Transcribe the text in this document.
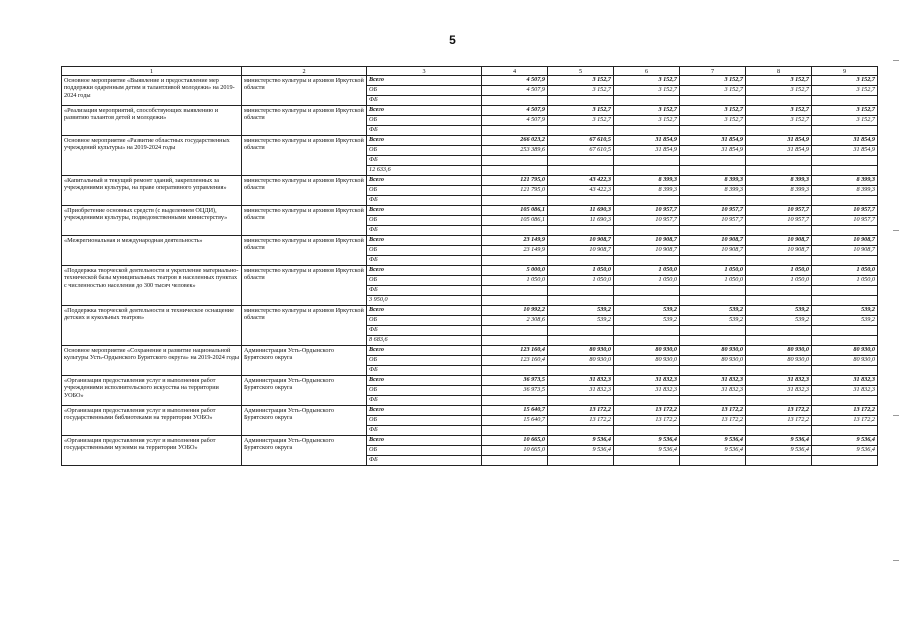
5
1	2	3	4	5	6	7	8	9
Основное мероприятие «Выявление и предоставление мер поддержки одаренным детям и талантливой молодежи» на 2019-2024 годы	министерство культуры и архивов Иркутской области	Всего	4 507,9	3 152,7	3 152,7	3 152,7	3 152,7	3 152,7
		ОБ	4 507,9	3 152,7	3 152,7	3 152,7	3 152,7	3 152,7
		ФБ						
«Реализация мероприятий, способствующих выявлению и развитию талантов детей и молодежи»	министерство культуры и архивов Иркутской области	Всего	4 507,9	3 152,7	3 152,7	3 152,7	3 152,7	3 152,7
		ОБ	4 507,9	3 152,7	3 152,7	3 152,7	3 152,7	3 152,7
		ФБ						
Основное мероприятие «Развитие областных государственных учреждений культуры» на 2019-2024 годы	министерство культуры и архивов Иркутской области	Всего	266 023,2	67 610,5	31 854,9	31 854,9	31 854,9	31 854,9
		ОБ	253 389,6	67 610,5	31 854,9	31 854,9	31 854,9	31 854,9
		ФБ						
		12 633,6						
«Капитальный и текущий ремонт зданий, закрепленных за учреждениями культуры, на праве оперативного управления»	министерство культуры и архивов Иркутской области	Всего	121 795,0	43 422,3	8 399,3	8 399,3	8 399,3	8 399,3
		ОБ	121 795,0	43 422,3	8 399,3	8 399,3	8 399,3	8 399,3
		ФБ						
«Приобретение основных средств (с выделением ОЦДИ), учреждениями культуры, подведомственными министерству»	министерство культуры и архивов Иркутской области	Всего	105 086,1	11 690,3	10 957,7	10 957,7	10 957,7	10 957,7
		ОБ	105 086,1	11 690,3	10 957,7	10 957,7	10 957,7	10 957,7
		ФБ						
«Межрегиональная и международная деятельность»	министерство культуры и архивов Иркутской области	Всего	23 149,9	10 908,7	10 908,7	10 908,7	10 908,7	10 908,7
		ОБ	23 149,9	10 908,7	10 908,7	10 908,7	10 908,7	10 908,7
		ФБ						
«Поддержка творческой деятельности и укрепление материально-технической базы муниципальных театров в населенных пунктах с численностью населения до 300 тысяч человек»	министерство культуры и архивов Иркутской области	Всего	5 000,0	1 050,0	1 050,0	1 050,0	1 050,0	1 050,0
		ОБ	1 050,0	1 050,0	1 050,0	1 050,0	1 050,0	1 050,0
		ФБ						
		3 950,0						
«Поддержка творческой деятельности и техническое оснащение детских и кукольных театров»	министерство культуры и архивов Иркутской области	Всего	10 992,2	539,2	539,2	539,2	539,2	539,2
		ОБ	2 308,6	539,2	539,2	539,2	539,2	539,2
		ФБ						
		8 683,6						
Основное мероприятие «Сохранение и развитие национальной культуры Усть-Ордынского Бурятского округа» на 2019-2024 годы	Администрация Усть-Ордынского Бурятского округа	Всего	123 160,4	80 930,0	80 930,0	80 930,0	80 930,0	80 930,0
		ОБ	123 160,4	80 930,0	80 930,0	80 930,0	80 930,0	80 930,0
		ФБ						
«Организация предоставления услуг и выполнения работ учреждениями исполнительского искусства на территории УОБО»	Администрация Усть-Ордынского Бурятского округа	Всего	36 973,5	31 832,3	31 832,3	31 832,3	31 832,3	31 832,3
		ОБ	36 973,5	31 832,3	31 832,3	31 832,3	31 832,3	31 832,3
		ФБ						
«Организация предоставления услуг и выполнения работ государственными библиотеками на территории УОБО»	Администрация Усть-Ордынского Бурятского округа	Всего	15 640,7	13 172,2	13 172,2	13 172,2	13 172,2	13 172,2
		ОБ	15 640,7	13 172,2	13 172,2	13 172,2	13 172,2	13 172,2
		ФБ						
«Организация предоставления услуг и выполнения работ государственными музеями на территории УОБО»	Администрация Усть-Ордынского Бурятского округа	Всего	10 665,0	9 536,4	9 536,4	9 536,4	9 536,4	9 536,4
		ОБ	10 665,0	9 536,4	9 536,4	9 536,4	9 536,4	9 536,4
		ФБ						
